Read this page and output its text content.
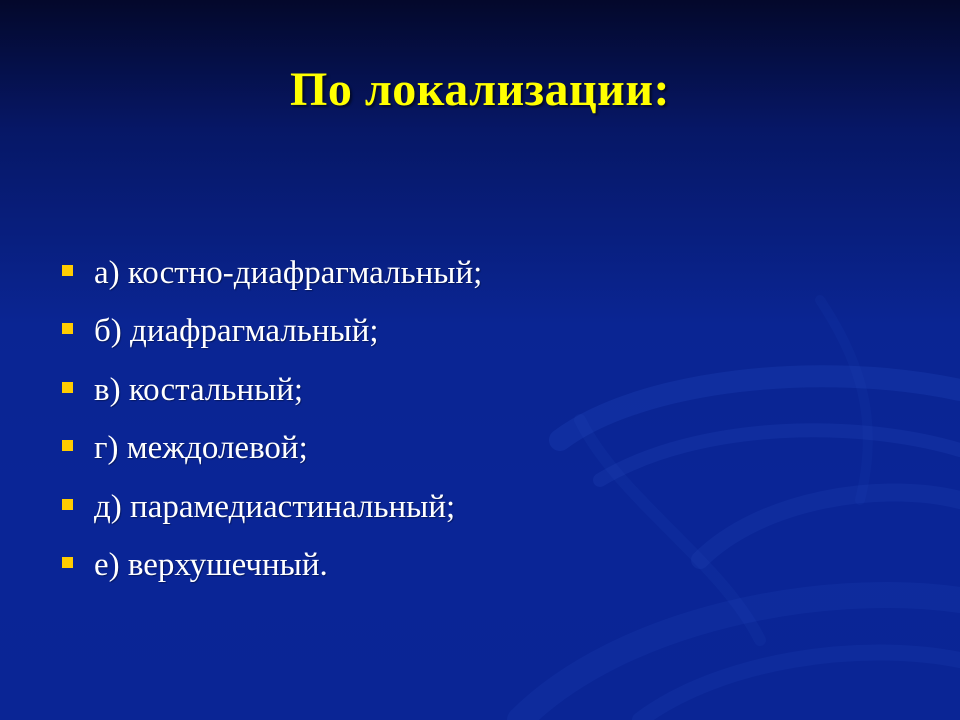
По локализации:
а) костно-диафрагмальный;
б) диафрагмальный;
в) костальный;
г) междолевой;
д) парамедиастинальный;
е) верхушечный.
